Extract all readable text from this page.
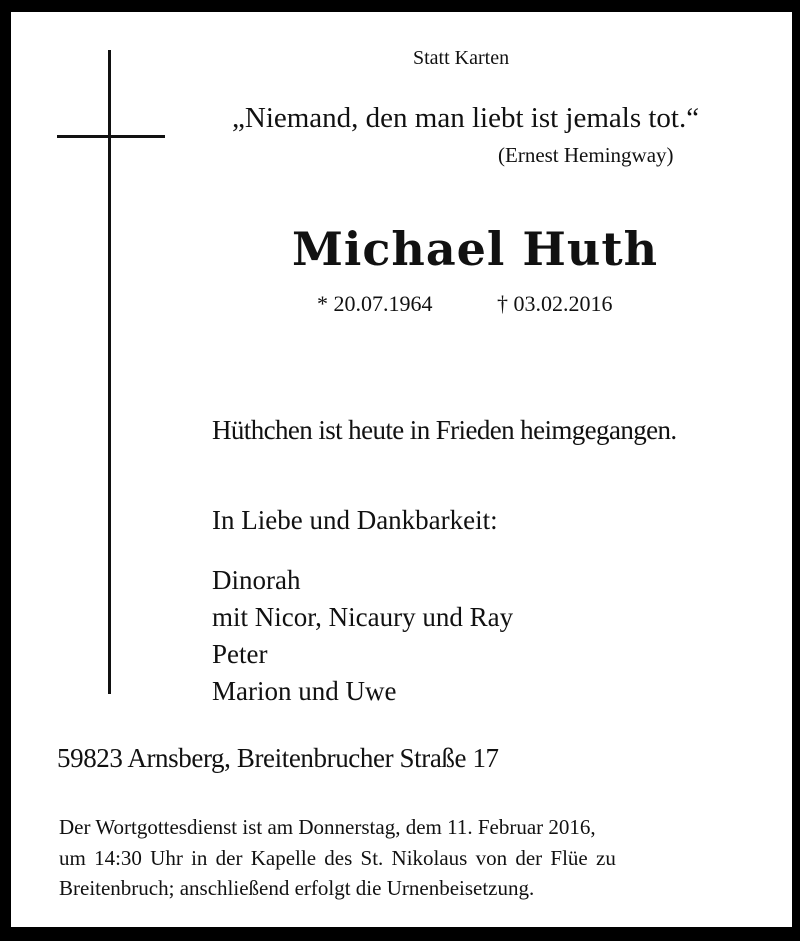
Statt Karten
„Niemand, den man liebt ist jemals tot.“
(Ernest Hemingway)
Michael Huth
* 20.07.1964	† 03.02.2016
Hüthchen ist heute in Frieden heimgegangen.
In Liebe und Dankbarkeit:
Dinorah
mit Nicor, Nicaury und Ray
Peter
Marion und Uwe
59823 Arnsberg, Breitenbrucher Straße 17
Der Wortgottesdienst ist am Donnerstag, dem 11. Februar 2016,
um 14:30 Uhr in der Kapelle des St. Nikolaus von der Flüe zu
Breitenbruch; anschließend erfolgt die Urnenbeisetzung.
